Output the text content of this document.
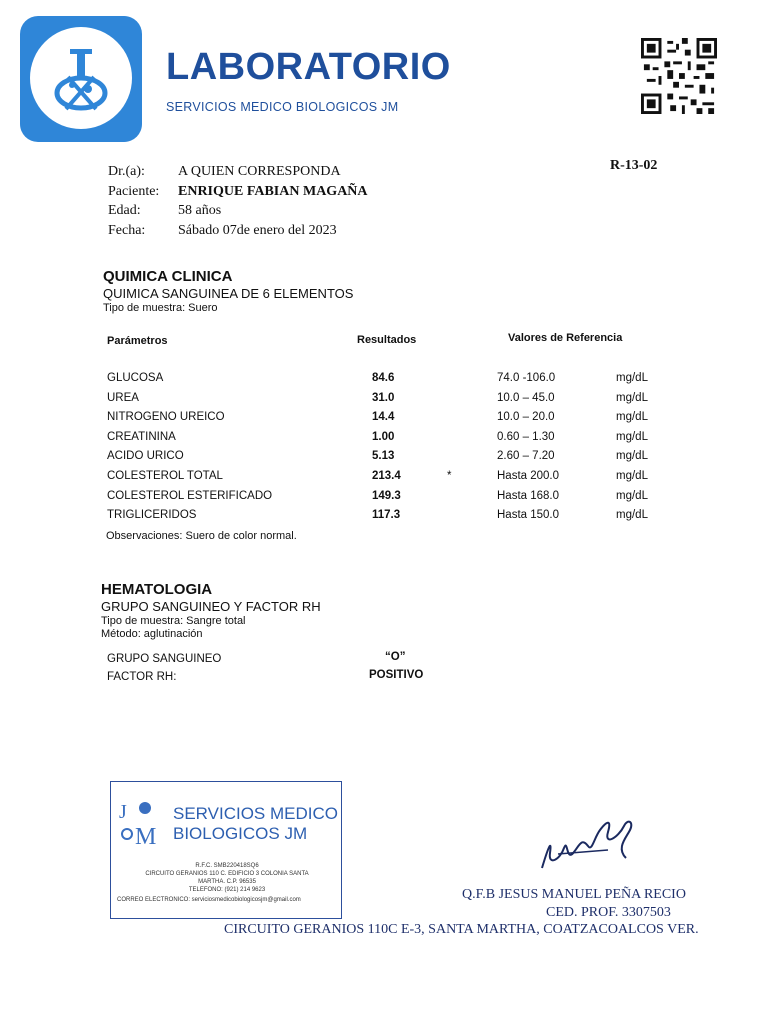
LABORATORIO
SERVICIOS MEDICO BIOLOGICOS JM
Dr.(a):	A QUIEN CORRESPONDA
Paciente:	ENRIQUE FABIAN MAGAÑA
Edad:	58 años
Fecha:	Sábado 07de enero del 2023
R-13-02
QUIMICA CLINICA
QUIMICA SANGUINEA DE 6 ELEMENTOS
Tipo de muestra: Suero
Parámetros	Resultados	Valores de Referencia
GLUCOSA	84.6	74.0 -106.0	mg/dL
UREA	31.0	10.0 – 45.0	mg/dL
NITROGENO UREICO	14.4	10.0 – 20.0	mg/dL
CREATININA	1.00	0.60 – 1.30	mg/dL
ACIDO URICO	5.13	2.60 – 7.20	mg/dL
COLESTEROL TOTAL	213.4	*	Hasta 200.0	mg/dL
COLESTEROL ESTERIFICADO	149.3	Hasta 168.0	mg/dL
TRIGLICERIDOS	117.3	Hasta 150.0	mg/dL
Observaciones: Suero de color normal.
HEMATOLOGIA
GRUPO SANGUINEO Y FACTOR RH
Tipo de muestra: Sangre total
Método: aglutinación
GRUPO SANGUINEO	“O”
FACTOR RH:	POSITIVO
J
M
SERVICIOS MEDICO
BIOLOGICOS JM
R.F.C. SMB220418SQ6
CIRCUITO GERANIOS 110 C. EDIFICIO 3 COLONIA SANTA
MARTHA. C.P. 96535
TELEFONO: (921) 214 9623
CORREO ELECTRONICO: serviciosmedicobiologicosjm@gmail.com	Q.F.B JESUS MANUEL PEÑA RECIO
CED. PROF. 3307503
CIRCUITO GERANIOS 110C E-3, SANTA MARTHA, COATZACOALCOS VER.
